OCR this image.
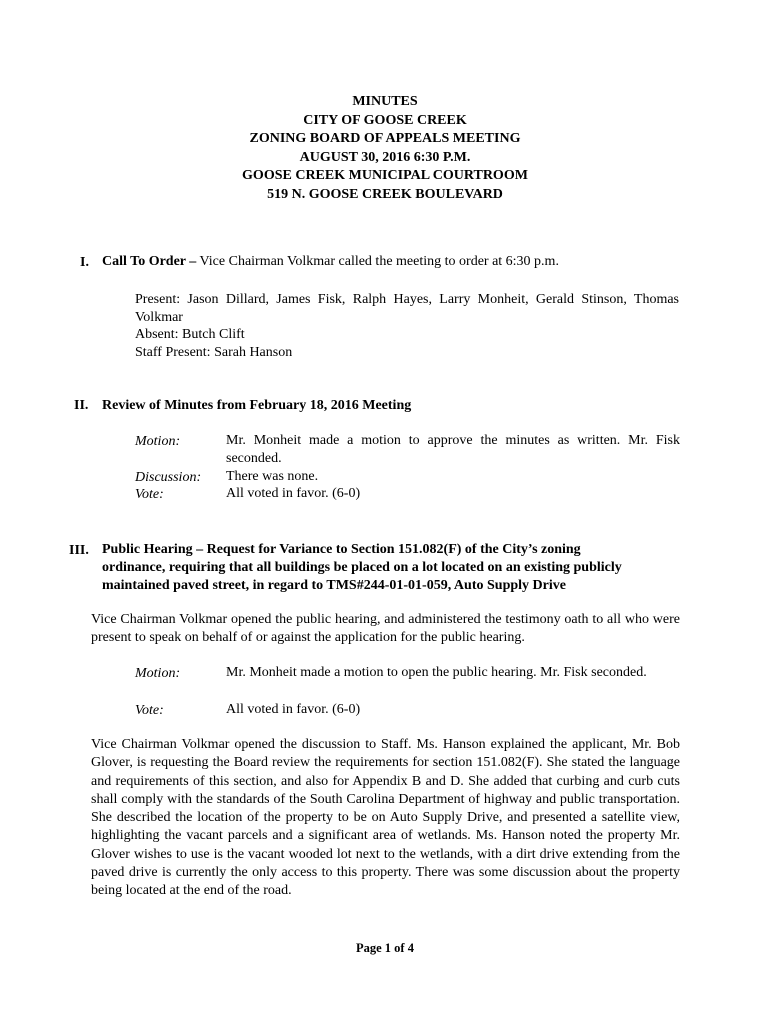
MINUTES
CITY OF GOOSE CREEK
ZONING BOARD OF APPEALS MEETING
AUGUST 30, 2016 6:30 P.M.
GOOSE CREEK MUNICIPAL COURTROOM
519 N. GOOSE CREEK BOULEVARD
I. Call To Order – Vice Chairman Volkmar called the meeting to order at 6:30 p.m.
Present: Jason Dillard, James Fisk, Ralph Hayes, Larry Monheit, Gerald Stinson, Thomas Volkmar
Absent: Butch Clift
Staff Present: Sarah Hanson
II. Review of Minutes from February 18, 2016 Meeting
Motion:	Mr. Monheit made a motion to approve the minutes as written. Mr. Fisk seconded.
Discussion: There was none.
Vote:	All voted in favor. (6-0)
III. Public Hearing – Request for Variance to Section 151.082(F) of the City’s zoning
ordinance, requiring that all buildings be placed on a lot located on an existing publicly
maintained paved street, in regard to TMS#244-01-01-059, Auto Supply Drive
Vice Chairman Volkmar opened the public hearing, and administered the testimony oath to all who were present to speak on behalf of or against the application for the public hearing.
Motion:	Mr. Monheit made a motion to open the public hearing. Mr. Fisk seconded.
Vote:	All voted in favor. (6-0)
Vice Chairman Volkmar opened the discussion to Staff. Ms. Hanson explained the applicant, Mr. Bob Glover, is requesting the Board review the requirements for section 151.082(F). She stated the language and requirements of this section, and also for Appendix B and D. She added that curbing and curb cuts shall comply with the standards of the South Carolina Department of highway and public transportation. She described the location of the property to be on Auto Supply Drive, and presented a satellite view, highlighting the vacant parcels and a significant area of wetlands. Ms. Hanson noted the property Mr. Glover wishes to use is the vacant wooded lot next to the wetlands, with a dirt drive extending from the paved drive is currently the only access to this property. There was some discussion about the property being located at the end of the road.
Page 1 of 4
